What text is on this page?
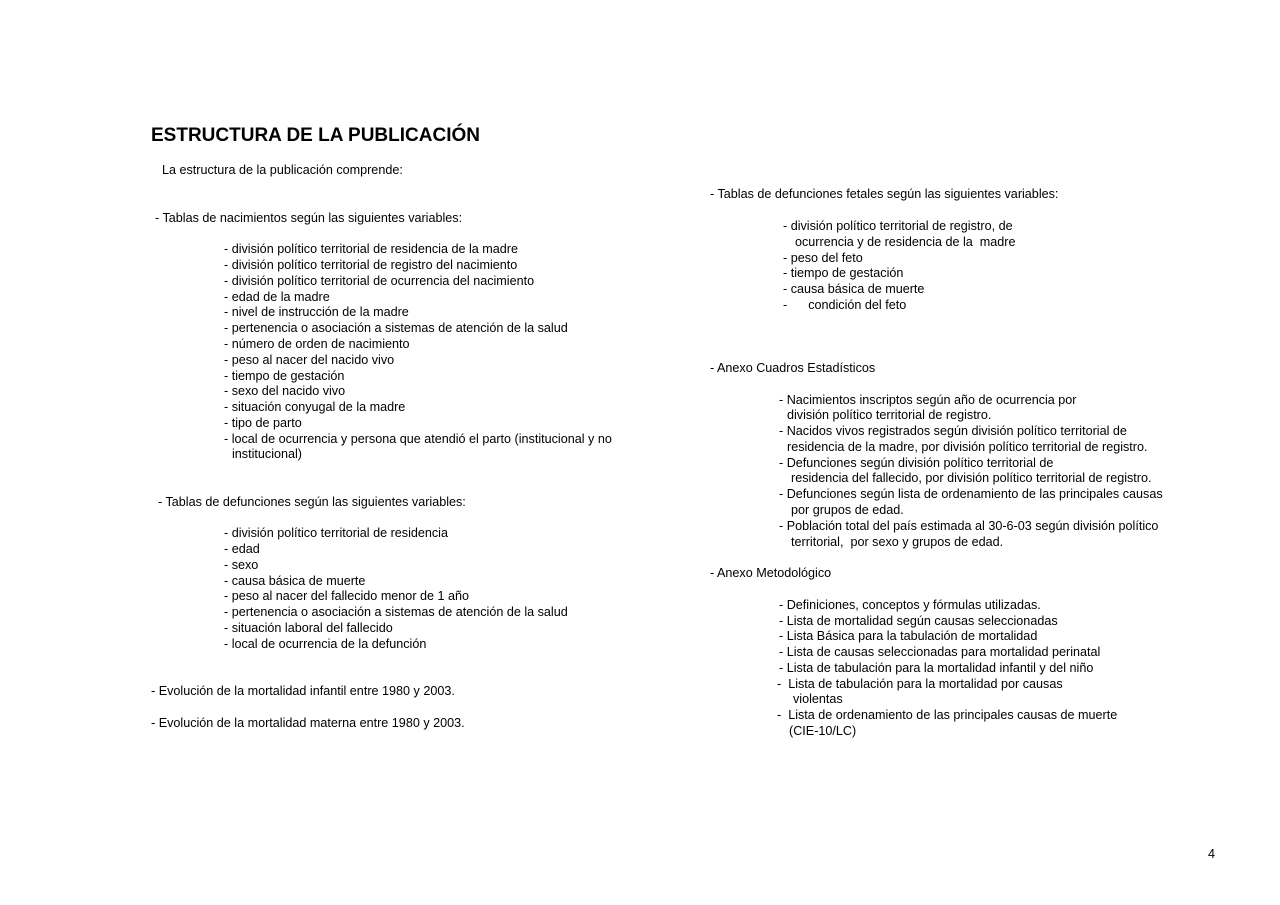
ESTRUCTURA DE LA PUBLICACIÓN
La estructura de la publicación comprende:
- Tablas de nacimientos según las siguientes variables:
- división político territorial de residencia de la madre
- división político territorial de registro del nacimiento
- división político territorial de ocurrencia del nacimiento
- edad de la madre
- nivel de instrucción de la madre
- pertenencia o asociación a sistemas de atención de la salud
- número de orden de nacimiento
- peso al nacer del nacido vivo
- tiempo de gestación
- sexo del nacido vivo
- situación conyugal de la madre
- tipo de parto
- local de ocurrencia y persona que atendió el parto (institucional y no
institucional)
- Tablas de defunciones según las siguientes variables:
- división político territorial de residencia
- edad
- sexo
- causa básica de muerte
- peso al nacer del fallecido menor de 1 año
- pertenencia o asociación a sistemas de atención de la salud
- situación laboral del fallecido
- local de ocurrencia de la defunción
- Evolución de la mortalidad infantil entre 1980 y 2003.
- Evolución de la mortalidad materna entre 1980 y 2003.
- Tablas de defunciones fetales según las siguientes variables:
- división político territorial de registro, de
ocurrencia y de residencia de la  madre
- peso del feto
- tiempo de gestación
- causa básica de muerte
-      condición del feto
- Anexo Cuadros Estadísticos
- Nacimientos inscriptos según año de ocurrencia por
división político territorial de registro.
- Nacidos vivos registrados según división político territorial de
residencia de la madre, por división político territorial de registro.
- Defunciones según división político territorial de
residencia del fallecido, por división político territorial de registro.
- Defunciones según lista de ordenamiento de las principales causas
por grupos de edad.
- Población total del país estimada al 30-6-03 según división político
territorial,  por sexo y grupos de edad.
- Anexo Metodológico
- Definiciones, conceptos y fórmulas utilizadas.
- Lista de mortalidad según causas seleccionadas
- Lista Básica para la tabulación de mortalidad
- Lista de causas seleccionadas para mortalidad perinatal
- Lista de tabulación para la mortalidad infantil y del niño
-  Lista de tabulación para la mortalidad por causas
violentas
-  Lista de ordenamiento de las principales causas de muerte
(CIE-10/LC)
4
